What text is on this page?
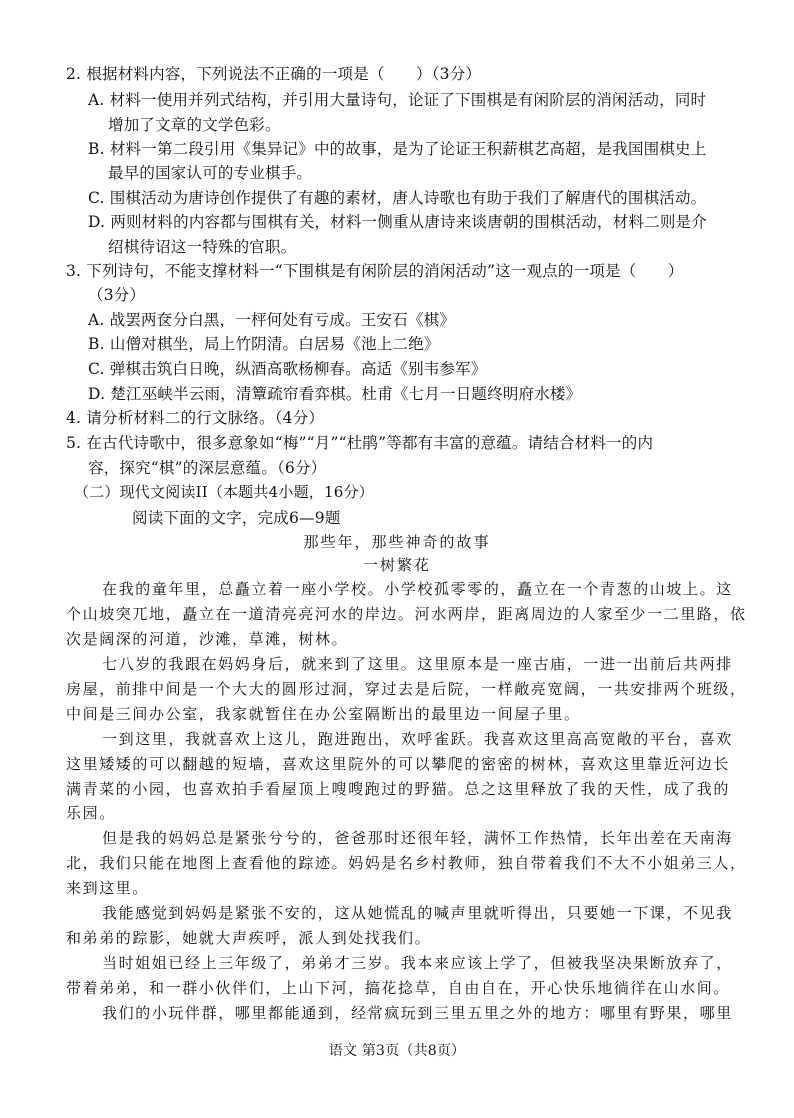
2. 根据材料内容，下列说法不正确的一项是（　　）（3分）
A. 材料一使用并列式结构，并引用大量诗句，论证了下围棋是有闲阶层的消闲活动，同时
增加了文章的文学色彩。
B. 材料一第二段引用《集异记》中的故事，是为了论证王积薪棋艺高超，是我国围棋史上
最早的国家认可的专业棋手。
C. 围棋活动为唐诗创作提供了有趣的素材，唐人诗歌也有助于我们了解唐代的围棋活动。
D. 两则材料的内容都与围棋有关，材料一侧重从唐诗来谈唐朝的围棋活动，材料二则是介
绍棋待诏这一特殊的官职。
3. 下列诗句，不能支撑材料一“下围棋是有闲阶层的消闲活动”这一观点的一项是（　　）
（3分）
A. 战罢两奁分白黑，一枰何处有亏成。王安石《棋》
B. 山僧对棋坐，局上竹阴清。白居易《池上二绝》
C. 弹棋击筑白日晚，纵酒高歌杨柳春。高适《别韦参军》
D. 楚江巫峡半云雨，清簟疏帘看弈棋。杜甫《七月一日题终明府水楼》
4. 请分析材料二的行文脉络。（4分）
5. 在古代诗歌中，很多意象如“梅”“月”“杜鹃”等都有丰富的意蕴。请结合材料一的内
容，探究“棋”的深层意蕴。（6分）
（二）现代文阅读II（本题共4小题，16分）
阅读下面的文字，完成6—9题
那些年，那些神奇的故事
一树繁花
在我的童年里，总矗立着一座小学校。小学校孤零零的，矗立在一个青葱的山坡上。这
个山坡突兀地，矗立在一道清亮亮河水的岸边。河水两岸，距离周边的人家至少一二里路，依
次是阔深的河道，沙滩，草滩，树林。
七八岁的我跟在妈妈身后，就来到了这里。这里原本是一座古庙，一进一出前后共两排
房屋，前排中间是一个大大的圆形过洞，穿过去是后院，一样敞亮宽阔，一共安排两个班级，
中间是三间办公室，我家就暂住在办公室隔断出的最里边一间屋子里。
一到这里，我就喜欢上这儿，跑进跑出，欢呼雀跃。我喜欢这里高高宽敞的平台，喜欢
这里矮矮的可以翻越的短墙，喜欢这里院外的可以攀爬的密密的树林，喜欢这里靠近河边长
满青菜的小园，也喜欢拍手看屋顶上嗖嗖跑过的野猫。总之这里释放了我的天性，成了我的
乐园。
但是我的妈妈总是紧张兮兮的，爸爸那时还很年轻，满怀工作热情，长年出差在天南海
北，我们只能在地图上查看他的踪迹。妈妈是名乡村教师，独自带着我们不大不小姐弟三人，
来到这里。
我能感觉到妈妈是紧张不安的，这从她慌乱的喊声里就听得出，只要她一下课，不见我
和弟弟的踪影，她就大声疾呼，派人到处找我们。
当时姐姐已经上三年级了，弟弟才三岁。我本来应该上学了，但被我坚决果断放弃了，
带着弟弟，和一群小伙伴们，上山下河，搞花捻草，自由自在，开心快乐地徜徉在山水间。
我们的小玩伴群，哪里都能通到，经常疯玩到三里五里之外的地方：哪里有野果，哪里
语文 第3页（共8页）
